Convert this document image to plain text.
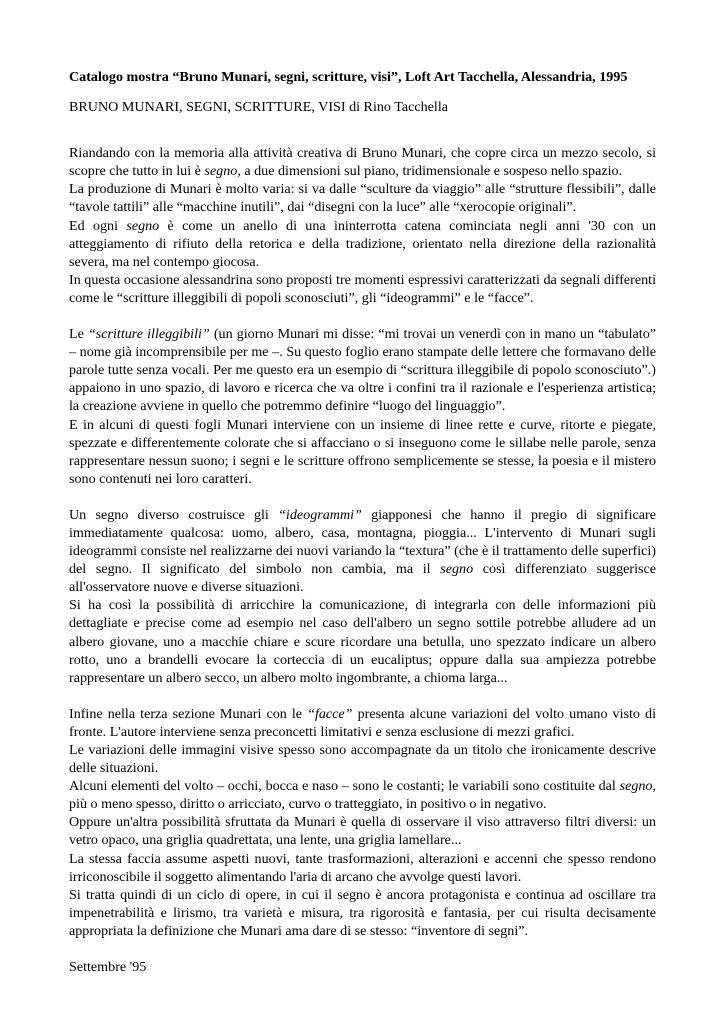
Catalogo mostra “Bruno Munari, segni, scritture, visi”, Loft Art Tacchella, Alessandria, 1995
BRUNO MUNARI, SEGNI, SCRITTURE, VISI di Rino Tacchella

Riandando con la memoria alla attività creativa di Bruno Munari, che copre circa un mezzo secolo, si scopre che tutto in lui è segno, a due dimensioni sul piano, tridimensionale e sospeso nello spazio.

La produzione di Munari è molto varia: si va dalle “sculture da viaggio” alle “strutture flessibili”, dalle “tavole tattili” alle “macchine inutili”, dai “disegni con la luce” alle “xerocopie originali”.

Ed ogni segno è come un anello di una ininterrotta catena cominciata negli anni '30 con un atteggiamento di rifiuto della retorica e della tradizione, orientato nella direzione della razionalità severa, ma nel contempo giocosa.

In questa occasione alessandrina sono proposti tre momenti espressivi caratterizzati da segnali differenti come le “scritture illeggibili di popoli sconosciuti”, gli “ideogrammi” e le “facce”.

Le “scritture illeggibili” (un giorno Munari mi disse: “mi trovai un venerdì con in mano un “tabulato” – nome già incomprensibile per me –. Su questo foglio erano stampate delle lettere che formavano delle parole tutte senza vocali. Per me questo era un esempio di “scrittura illeggibile di popolo sconosciuto”.) appaiono in uno spazio, di lavoro e ricerca che va oltre i confini tra il razionale e l'esperienza artistica; la creazione avviene in quello che potremmo definire “luogo del linguaggio”.

E in alcuni di questi fogli Munari interviene con un insieme di linee rette e curve, ritorte e piegate, spezzate e differentemente colorate che si affacciano o si inseguono come le sillabe nelle parole, senza rappresentare nessun suono; i segni e le scritture offrono semplicemente se stesse, la poesia e il mistero sono contenuti nei loro caratteri.

Un segno diverso costruisce gli “ideogrammi” giapponesi che hanno il pregio di significare immediatamente qualcosa: uomo, albero, casa, montagna, pioggia... L'intervento di Munari sugli ideogrammi consiste nel realizzarne dei nuovi variando la “textura” (che è il trattamento delle superfici) del segno. Il significato del simbolo non cambia, ma il segno così differenziato suggerisce all'osservatore nuove e diverse situazioni.

Si ha così la possibilità di arricchire la comunicazione, di integrarla con delle informazioni più dettagliate e precise come ad esempio nel caso dell'albero un segno sottile potrebbe alludere ad un albero giovane, uno a macchie chiare e scure ricordare una betulla, uno spezzato indicare un albero rotto, uno a brandelli evocare la corteccia di un eucaliptus; oppure dalla sua ampiezza potrebbe rappresentare un albero secco, un albero molto ingombrante, a chioma larga...

Infine nella terza sezione Munari con le “facce” presenta alcune variazioni del volto umano visto di fronte. L'autore interviene senza preconcetti limitativi e senza esclusione di mezzi grafici.

Le variazioni delle immagini visive spesso sono accompagnate da un titolo che ironicamente descrive delle situazioni.

Alcuni elementi del volto – occhi, bocca e naso – sono le costanti; le variabili sono costituite dal segno, più o meno spesso, diritto o arricciato, curvo o tratteggiato, in positivo o in negativo.

Oppure un'altra possibilità sfruttata da Munari è quella di osservare il viso attraverso filtri diversi: un vetro opaco, una griglia quadrettata, una lente, una griglia lamellare...

La stessa faccia assume aspetti nuovi, tante trasformazioni, alterazioni e accenni che spesso rendono irriconoscibile il soggetto alimentando l'aria di arcano che avvolge questi lavori.

Si tratta quindi di un ciclo di opere, in cui il segno è ancora protagonista e continua ad oscillare tra impenetrabilità e lirismo, tra varietà e misura, tra rigorosità e fantasia, per cui risulta decisamente appropriata la definizione che Munari ama dare di se stesso: “inventore di segni”.

Settembre '95
